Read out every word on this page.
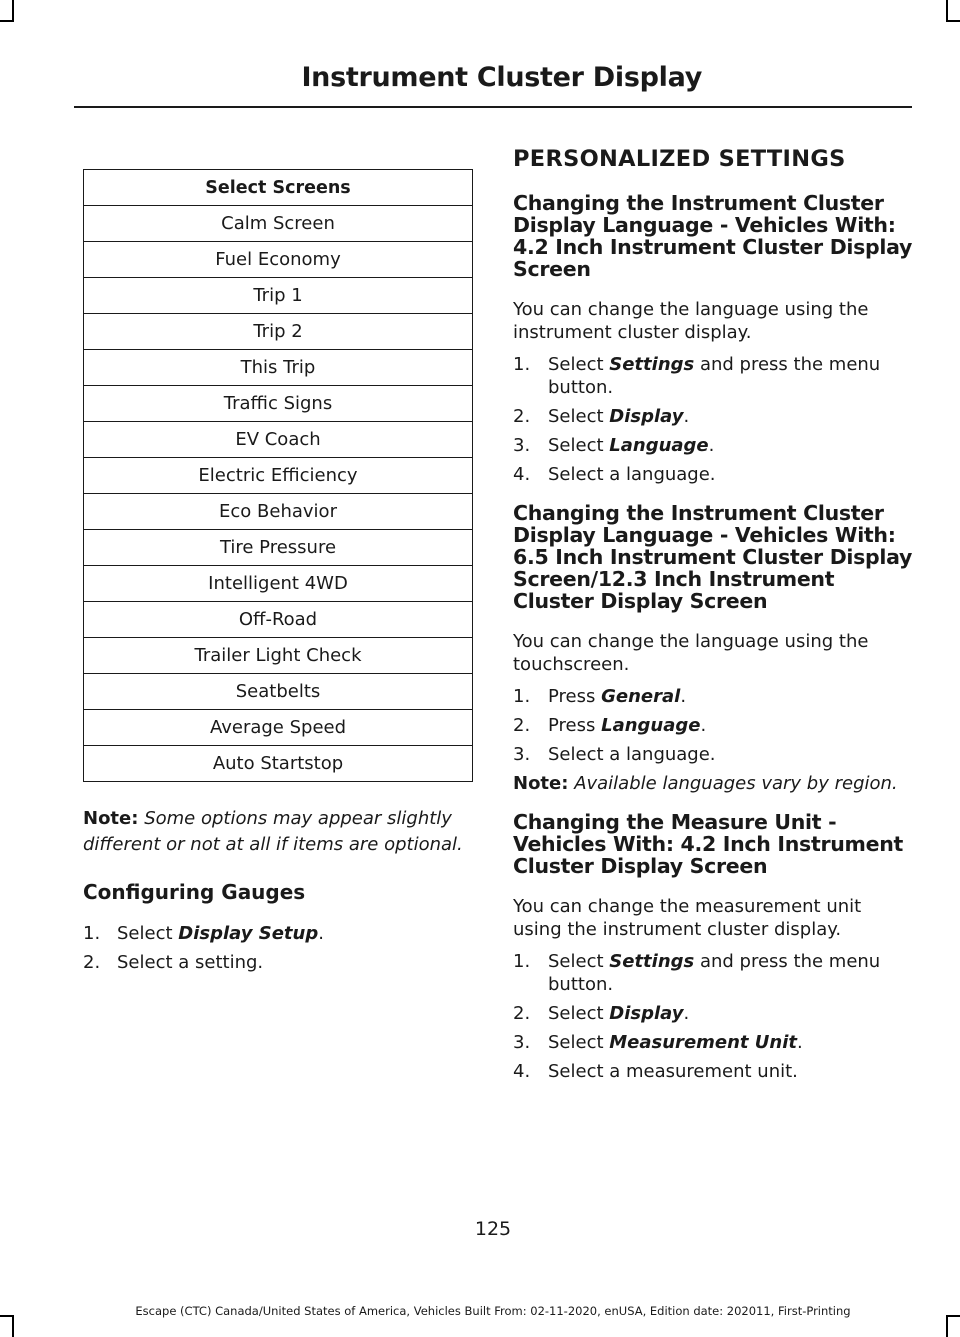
Instrument Cluster Display
Select Screens
Calm Screen
Fuel Economy
Trip 1
Trip 2
This Trip
Traffic Signs
EV Coach
Electric Efficiency
Eco Behavior
Tire Pressure
Intelligent 4WD
Off-Road
Trailer Light Check
Seatbelts
Average Speed
Auto Startstop
Note: Some options may appear slightly different or not at all if items are optional.
Configuring Gauges
1. Select Display Setup.
2. Select a setting.
PERSONALIZED SETTINGS
Changing the Instrument Cluster Display Language - Vehicles With: 4.2 Inch Instrument Cluster Display Screen

You can change the language using the instrument cluster display.

1. Select Settings and press the menu button.
2. Select Display.
3. Select Language.
4. Select a language.
Changing the Instrument Cluster Display Language - Vehicles With: 6.5 Inch Instrument Cluster Display Screen/12.3 Inch Instrument Cluster Display Screen

You can change the language using the touchscreen.

1. Press General.
2. Press Language.
3. Select a language.

Note: Available languages vary by region.

Changing the Measure Unit - Vehicles With: 4.2 Inch Instrument Cluster Display Screen

You can change the measurement unit using the instrument cluster display.

1. Select Settings and press the menu button.
2. Select Display.
3. Select Measurement Unit.
4. Select a measurement unit.
125
Escape (CTC) Canada/United States of America, Vehicles Built From: 02-11-2020, enUSA, Edition date: 202011, First-Printing
